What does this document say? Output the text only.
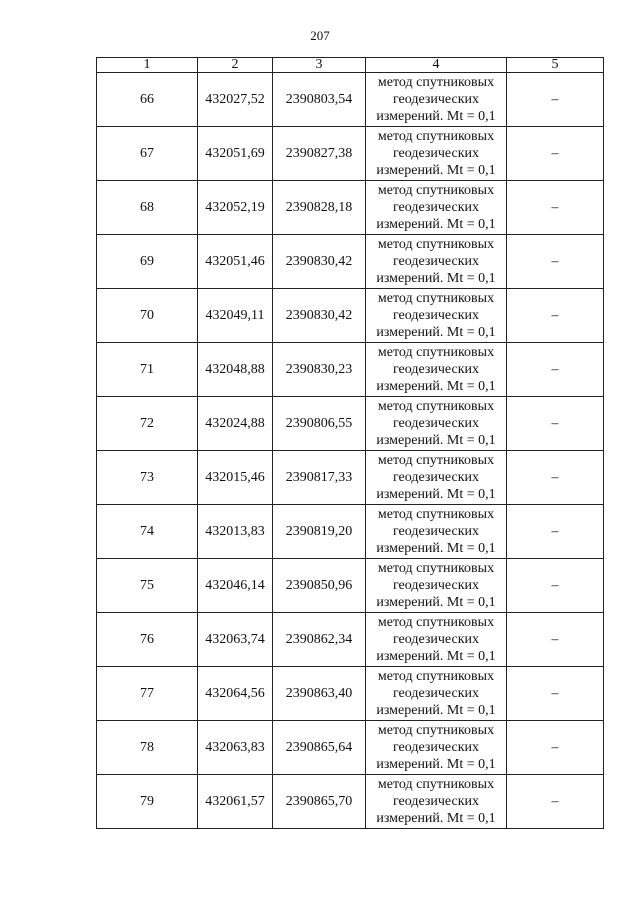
207
1	2	3	4	5
66	432027,52	2390803,54	метод спутниковых
геодезических
измерений. Mt = 0,1	–
67	432051,69	2390827,38	метод спутниковых
геодезических
измерений. Mt = 0,1	–
68	432052,19	2390828,18	метод спутниковых
геодезических
измерений. Mt = 0,1	–
69	432051,46	2390830,42	метод спутниковых
геодезических
измерений. Mt = 0,1	–
70	432049,11	2390830,42	метод спутниковых
геодезических
измерений. Mt = 0,1	–
71	432048,88	2390830,23	метод спутниковых
геодезических
измерений. Mt = 0,1	–
72	432024,88	2390806,55	метод спутниковых
геодезических
измерений. Mt = 0,1	–
73	432015,46	2390817,33	метод спутниковых
геодезических
измерений. Mt = 0,1	–
74	432013,83	2390819,20	метод спутниковых
геодезических
измерений. Mt = 0,1	–
75	432046,14	2390850,96	метод спутниковых
геодезических
измерений. Mt = 0,1	–
76	432063,74	2390862,34	метод спутниковых
геодезических
измерений. Mt = 0,1	–
77	432064,56	2390863,40	метод спутниковых
геодезических
измерений. Mt = 0,1	–
78	432063,83	2390865,64	метод спутниковых
геодезических
измерений. Mt = 0,1	–
79	432061,57	2390865,70	метод спутниковых
геодезических
измерений. Mt = 0,1	–
